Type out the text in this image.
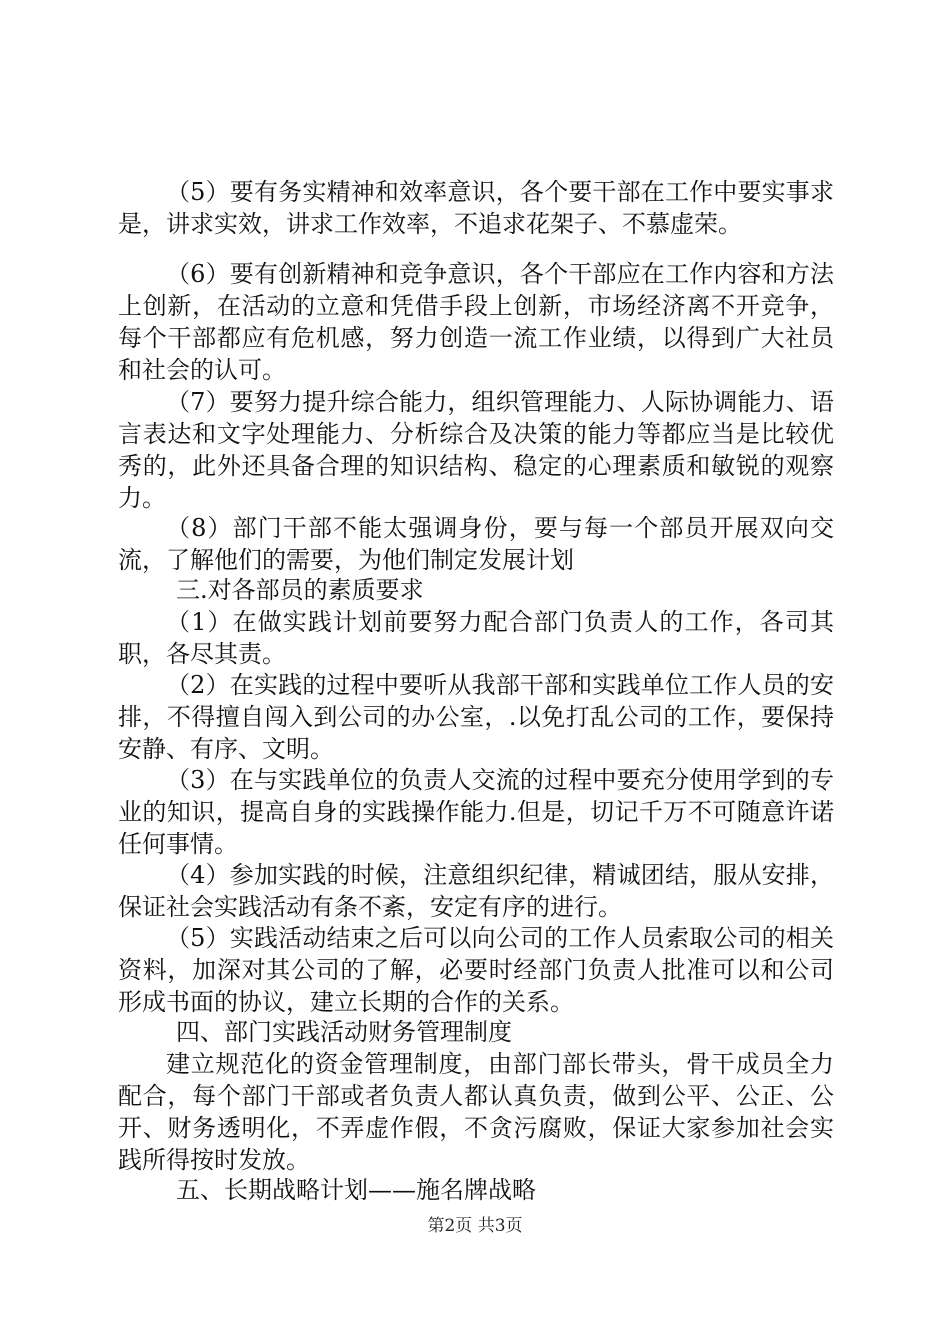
（5）要有务实精神和效率意识，各个要干部在工作中要实事求是，讲求实效，讲求工作效率，不追求花架子、不慕虚荣。

（6）要有创新精神和竞争意识，各个干部应在工作内容和方法上创新，在活动的立意和凭借手段上创新，市场经济离不开竞争，每个干部都应有危机感，努力创造一流工作业绩，以得到广大社员和社会的认可。

（7）要努力提升综合能力，组织管理能力、人际协调能力、语言表达和文字处理能力、分析综合及决策的能力等都应当是比较优秀的，此外还具备合理的知识结构、稳定的心理素质和敏锐的观察力。

（8）部门干部不能太强调身份，要与每一个部员开展双向交流，了解他们的需要，为他们制定发展计划

三.对各部员的素质要求

（1）在做实践计划前要努力配合部门负责人的工作，各司其职，各尽其责。

（2）在实践的过程中要听从我部干部和实践单位工作人员的安排，不得擅自闯入到公司的办公室，.以免打乱公司的工作，要保持安静、有序、文明。

（3）在与实践单位的负责人交流的过程中要充分使用学到的专业的知识，提高自身的实践操作能力.但是，切记千万不可随意许诺任何事情。

（4）参加实践的时候，注意组织纪律，精诚团结，服从安排，保证社会实践活动有条不紊，安定有序的进行。

（5）实践活动结束之后可以向公司的工作人员索取公司的相关资料，加深对其公司的了解，必要时经部门负责人批准可以和公司形成书面的协议，建立长期的合作的关系。

四、部门实践活动财务管理制度

建立规范化的资金管理制度，由部门部长带头，骨干成员全力配合，每个部门干部或者负责人都认真负责，做到公平、公正、公开、财务透明化，不弄虚作假，不贪污腐败，保证大家参加社会实践所得按时发放。

五、长期战略计划——施名牌战略

第2页 共3页
